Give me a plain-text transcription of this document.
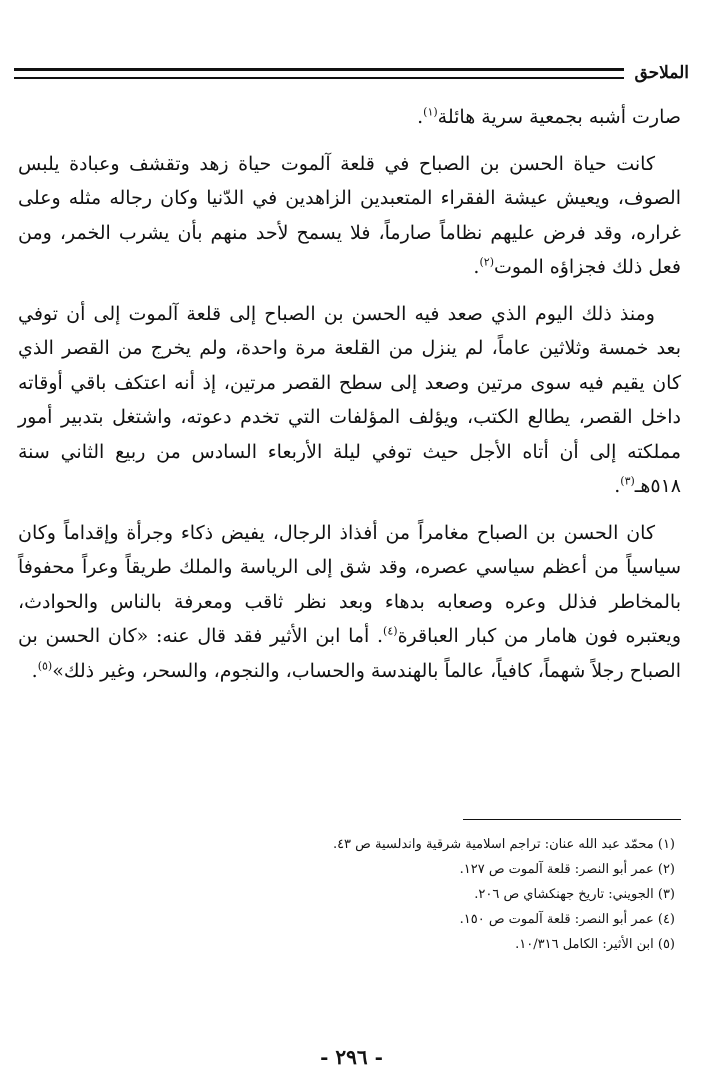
الملاحق

صارت أشبه بجمعية سرية هائلة$^{(١)}$.

كانت حياة الحسن بن الصباح في قلعة آلموت حياة زهد وتقشف وعبادة يلبس الصوف، ويعيش عيشة الفقراء المتعبدين الزاهدين في الدّنيا وكان رجاله مثله وعلى غراره، وقد فرض عليهم نظاماً صارماً، فلا يسمح لأحد منهم بأن يشرب الخمر، ومن فعل ذلك فجزاؤه الموت$^{(٢)}$.

ومنذ ذلك اليوم الذي صعد فيه الحسن بن الصباح إلى قلعة آلموت إلى أن توفي بعد خمسة وثلاثين عاماً، لم ينزل من القلعة مرة واحدة، ولم يخرج من القصر الذي كان يقيم فيه سوى مرتين وصعد إلى سطح القصر مرتين، إذ أنه اعتكف باقي أوقاته داخل القصر، يطالع الكتب، ويؤلف المؤلفات التي تخدم دعوته، واشتغل بتدبير أمور مملكته إلى أن أتاه الأجل حيث توفي ليلة الأربعاء السادس من ربيع الثاني سنة ٥١٨هـ$^{(٣)}$.

كان الحسن بن الصباح مغامراً من أفذاذ الرجال، يفيض ذكاء وجرأة وإقداماً وكان سياسياً من أعظم سياسي عصره، وقد شق إلى الرياسة والملك طريقاً وعراً محفوفاً بالمخاطر فذلل وعره وصعابه بدهاء وبعد نظر ثاقب ومعرفة بالناس والحوادث، ويعتبره فون هامار من كبار العباقرة$^{(٤)}$. أما ابن الأثير فقد قال عنه: «كان الحسن بن الصباح رجلاً شهماً، كافياً، عالماً بالهندسة والحساب، والنجوم، والسحر، وغير ذلك»$^{(٥)}$.

(١) محمّد عبد الله عنان: تراجم اسلامية شرقية واندلسية ص ٤٣.
(٢) عمر أبو النصر: قلعة آلموت ص ١٢٧.
(٣) الجويني: تاريخ جهنكشاي ص ٢٠٦.
(٤) عمر أبو النصر: قلعة آلموت ص ١٥٠.
(٥) ابن الأثير: الكامل ١٠/٣١٦.
- ٢٩٦ -
